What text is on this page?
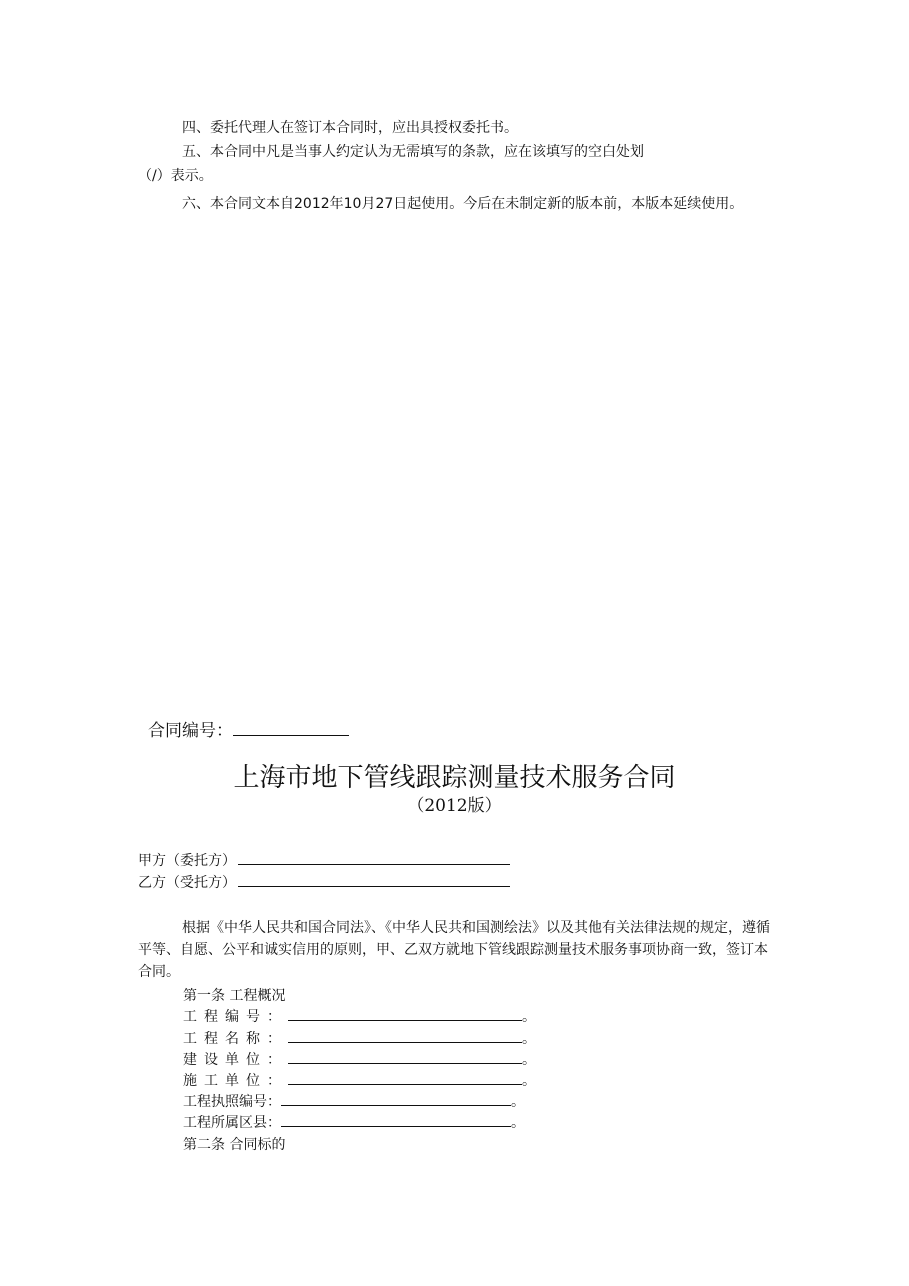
四、委托代理人在签订本合同时，应出具授权委托书。
五、本合同中凡是当事人约定认为无需填写的条款，应在该填写的空白处划
（/）表示。
六、本合同文本自2012年10月27日起使用。今后在未制定新的版本前，本版本延续使用。
合同编号：
上海市地下管线跟踪测量技术服务合同
（2012版）
甲方（委托方）
乙方（受托方）
根据《中华人民共和国合同法》、《中华人民共和国测绘法》以及其他有关法律法规的规定，遵循平等、自愿、公平和诚实信用的原则，甲、乙双方就地下管线跟踪测量技术服务事项协商一致，签订本合同。
第一条 工程概况
工程编号：	。
工程名称：	。
建设单位：	。
施工单位：	。
工程执照编号：	。
工程所属区县：	。
第二条 合同标的
